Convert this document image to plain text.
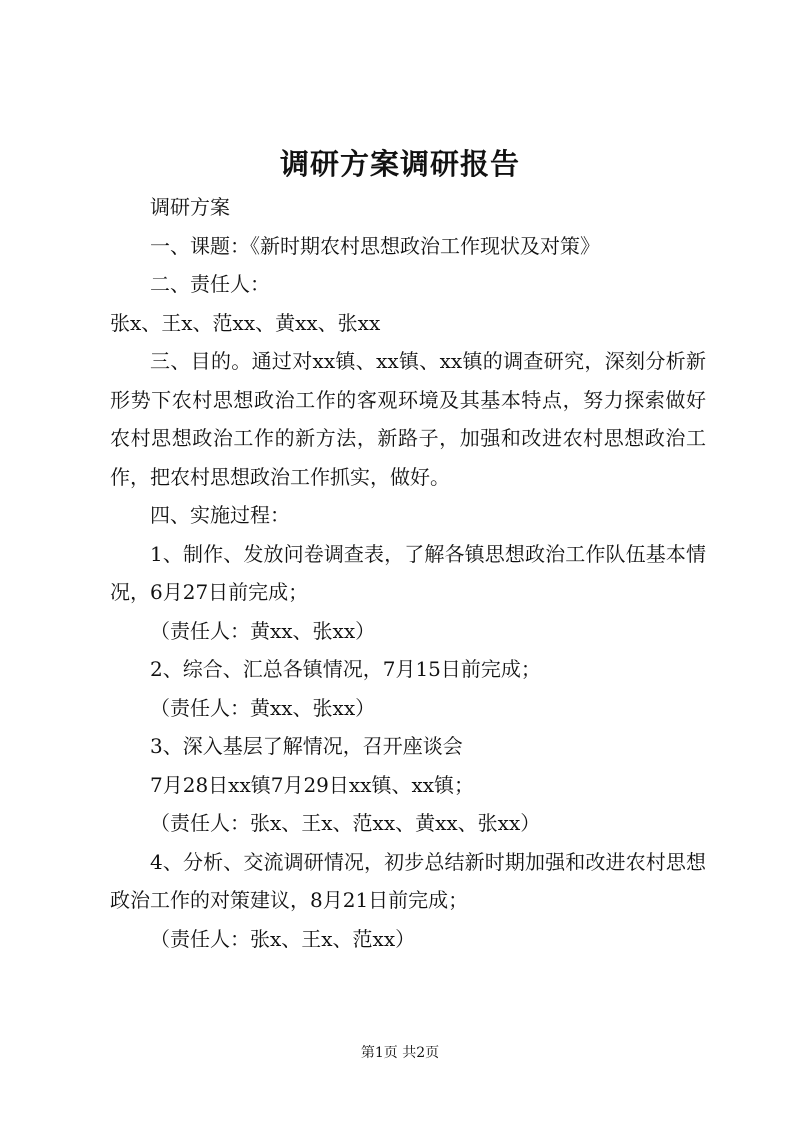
调研方案调研报告

调研方案

一、课题：《新时期农村思想政治工作现状及对策》

二、责任人：

张x、王x、范xx、黄xx、张xx

三、目的。通过对xx镇、xx镇、xx镇的调查研究，深刻分析新形势下农村思想政治工作的客观环境及其基本特点，努力探索做好农村思想政治工作的新方法，新路子，加强和改进农村思想政治工作，把农村思想政治工作抓实，做好。

四、实施过程：

1、制作、发放问卷调查表，了解各镇思想政治工作队伍基本情况，6月27日前完成；

（责任人：黄xx、张xx）

2、综合、汇总各镇情况，7月15日前完成；

（责任人：黄xx、张xx）

3、深入基层了解情况，召开座谈会

7月28日xx镇7月29日xx镇、xx镇；

（责任人：张x、王x、范xx、黄xx、张xx）

4、分析、交流调研情况，初步总结新时期加强和改进农村思想政治工作的对策建议，8月21日前完成；

（责任人：张x、王x、范xx）

第1页 共2页
